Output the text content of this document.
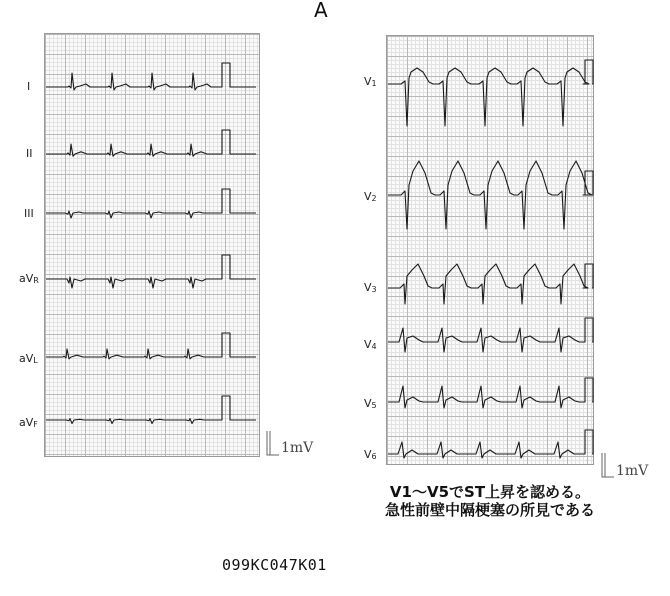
A
I
II
III
$aV_R$
$aV_L$
$aV_F$
$V_1$
$V_2$
$V_3$
$V_4$
$V_5$
$V_6$
1mV
1mV
V1～V5でST上昇を認める。
急性前壁中隔梗塞の所見である
099KC047K01
